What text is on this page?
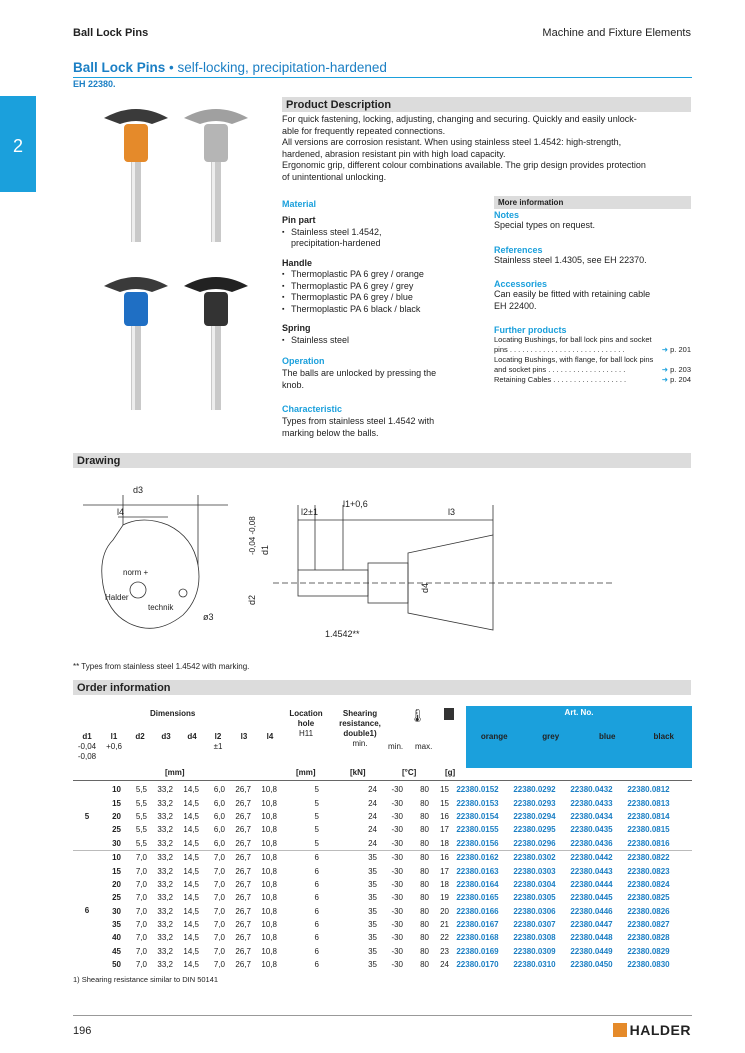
Ball Lock Pins	Machine and Fixture Elements
2
Ball Lock Pins • self-locking, precipitation-hardened
EH 22380.
Product Description
For quick fastening, locking, adjusting, changing and securing. Quickly and easily unlock-
able for frequently repeated connections.
All versions are corrosion resistant. When using stainless steel 1.4542: high-strength,
hardened, abrasion resistant pin with high load capacity.
Ergonomic grip, different colour combinations available. The grip design provides protection
of unintentional unlocking.
Material
Pin part
▪ Stainless steel 1.4542,
precipitation-hardened
Handle
▪ Thermoplastic PA 6 grey / orange
▪ Thermoplastic PA 6 grey / grey
▪ Thermoplastic PA 6 grey / blue
▪ Thermoplastic PA 6 black / black
Spring
▪ Stainless steel
Operation
The balls are unlocked by pressing the
knob.
Characteristic
Types from stainless steel 1.4542 with
marking below the balls.
More information
Notes
Special types on request.
References
Stainless steel 1.4305, see EH 22370.
Accessories
Can easily be fitted with retaining cable
EH 22400.
Further products
Locating Bushings, for ball lock pins and socket
pins . . . . . . . . . . . . . . . . . . . . . . . . . . . .	➜ p. 201
Locating Bushings, with flange, for ball lock pins
and socket pins . . . . . . . . . . . . . . . . . . .	➜ p. 203
Retaining Cables . . . . . . . . . . . . . . . . . .	➜ p. 204
Drawing
d3
l4
norm +
Halder
technik
ø3
l2±1
l1+0,6
l3
d1
-0,04 -0,08
d2
d4
1.4542**
** Types from stainless steel 1.4542 with marking.
Order information
Art. No.
orange	grey	blue	black
Dimensions	Location
hole
H11
Shearing
resistance,
double1)
min.
🌡
min. max.
d1	l1	d2	d3	d4	l2	l3	l4
-0,04	+0,6	±1
-0,08
[mm]	[mm]	[kN]	[°C]	[g]
5
10	5,5	33,2	14,5	6,0	26,7	10,8	5	24	-30	80	15 22380.0152	22380.0292	22380.0432	22380.0812
15	5,5	33,2	14,5	6,0	26,7	10,8	5	24	-30	80	15 22380.0153	22380.0293	22380.0433	22380.0813
20	5,5	33,2	14,5	6,0	26,7	10,8	5	24	-30	80	16 22380.0154	22380.0294	22380.0434	22380.0814
25	5,5	33,2	14,5	6,0	26,7	10,8	5	24	-30	80	17 22380.0155	22380.0295	22380.0435	22380.0815
30	5,5	33,2	14,5	6,0	26,7	10,8	5	24	-30	80	18 22380.0156	22380.0296	22380.0436	22380.0816
6
10	7,0	33,2	14,5	7,0	26,7	10,8	6	35	-30	80	16 22380.0162	22380.0302	22380.0442	22380.0822
15	7,0	33,2	14,5	7,0	26,7	10,8	6	35	-30	80	17 22380.0163	22380.0303	22380.0443	22380.0823
20	7,0	33,2	14,5	7,0	26,7	10,8	6	35	-30	80	18 22380.0164	22380.0304	22380.0444	22380.0824
25	7,0	33,2	14,5	7,0	26,7	10,8	6	35	-30	80	19 22380.0165	22380.0305	22380.0445	22380.0825
30	7,0	33,2	14,5	7,0	26,7	10,8	6	35	-30	80	20 22380.0166	22380.0306	22380.0446	22380.0826
35	7,0	33,2	14,5	7,0	26,7	10,8	6	35	-30	80	21 22380.0167	22380.0307	22380.0447	22380.0827
40	7,0	33,2	14,5	7,0	26,7	10,8	6	35	-30	80	22 22380.0168	22380.0308	22380.0448	22380.0828
45	7,0	33,2	14,5	7,0	26,7	10,8	6	35	-30	80	23 22380.0169	22380.0309	22380.0449	22380.0829
50	7,0	33,2	14,5	7,0	26,7	10,8	6	35	-30	80	24 22380.0170	22380.0310	22380.0450	22380.0830
1) Shearing resistance similar to DIN 50141
196	HALDER
